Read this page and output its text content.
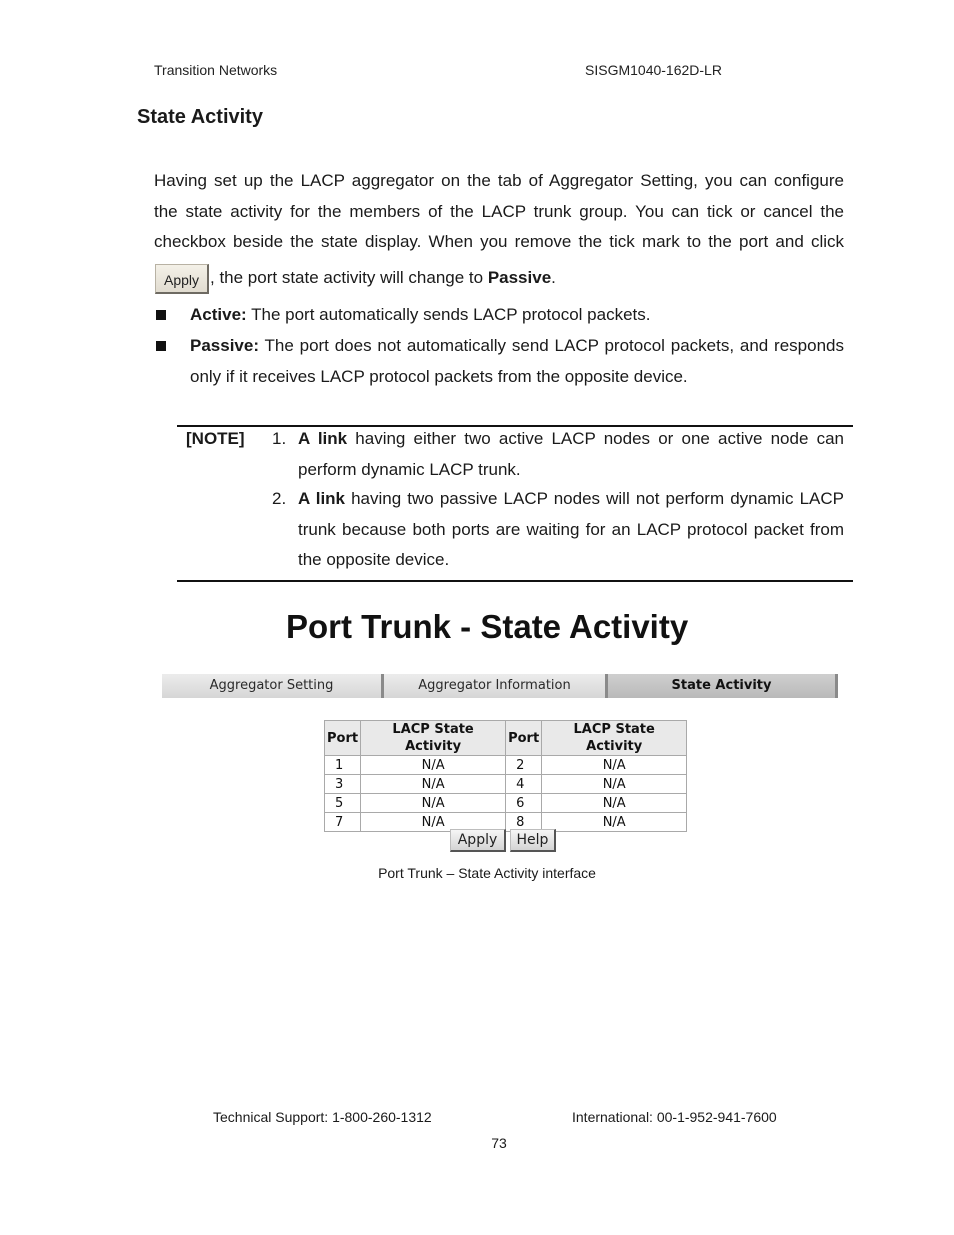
Transition Networks	SISGM1040-162D-LR
State Activity
Having set up the LACP aggregator on the tab of Aggregator Setting, you can configure
the state activity for the members of the LACP trunk group. You can tick or cancel the
checkbox beside the state display. When you remove the tick mark to the port and click
Apply , the port state activity will change to Passive.
Active: The port automatically sends LACP protocol packets.
Passive: The port does not automatically send LACP protocol packets, and responds only if it receives LACP protocol packets from the opposite device.
[NOTE] 1. A link having either two active LACP nodes or one active node can perform dynamic LACP trunk.
2. A link having two passive LACP nodes will not perform dynamic LACP trunk because both ports are waiting for an LACP protocol packet from the opposite device.
Port Trunk - State Activity
Aggregator Setting	Aggregator Information	State Activity
Port	LACP State Activity	Port	LACP State Activity
1	N/A	2	N/A
3	N/A	4	N/A
5	N/A	6	N/A
7	N/A	8	N/A
Apply	Help
Port Trunk – State Activity interface
Technical Support: 1-800-260-1312	International: 00-1-952-941-7600
73
